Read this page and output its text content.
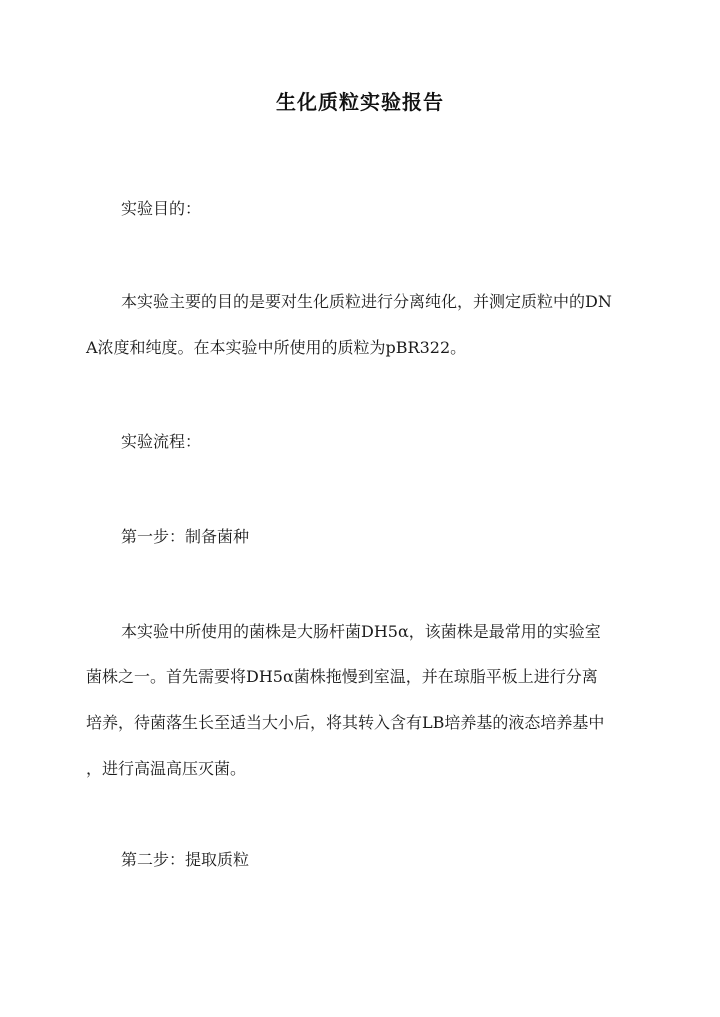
生化质粒实验报告
实验目的：
本实验主要的目的是要对生化质粒进行分离纯化，并测定质粒中的DN
A浓度和纯度。在本实验中所使用的质粒为pBR322。
实验流程：
第一步：制备菌种
本实验中所使用的菌株是大肠杆菌DH5α，该菌株是最常用的实验室
菌株之一。首先需要将DH5α菌株拖慢到室温，并在琼脂平板上进行分离
培养，待菌落生长至适当大小后，将其转入含有LB培养基的液态培养基中
，进行高温高压灭菌。
第二步：提取质粒
